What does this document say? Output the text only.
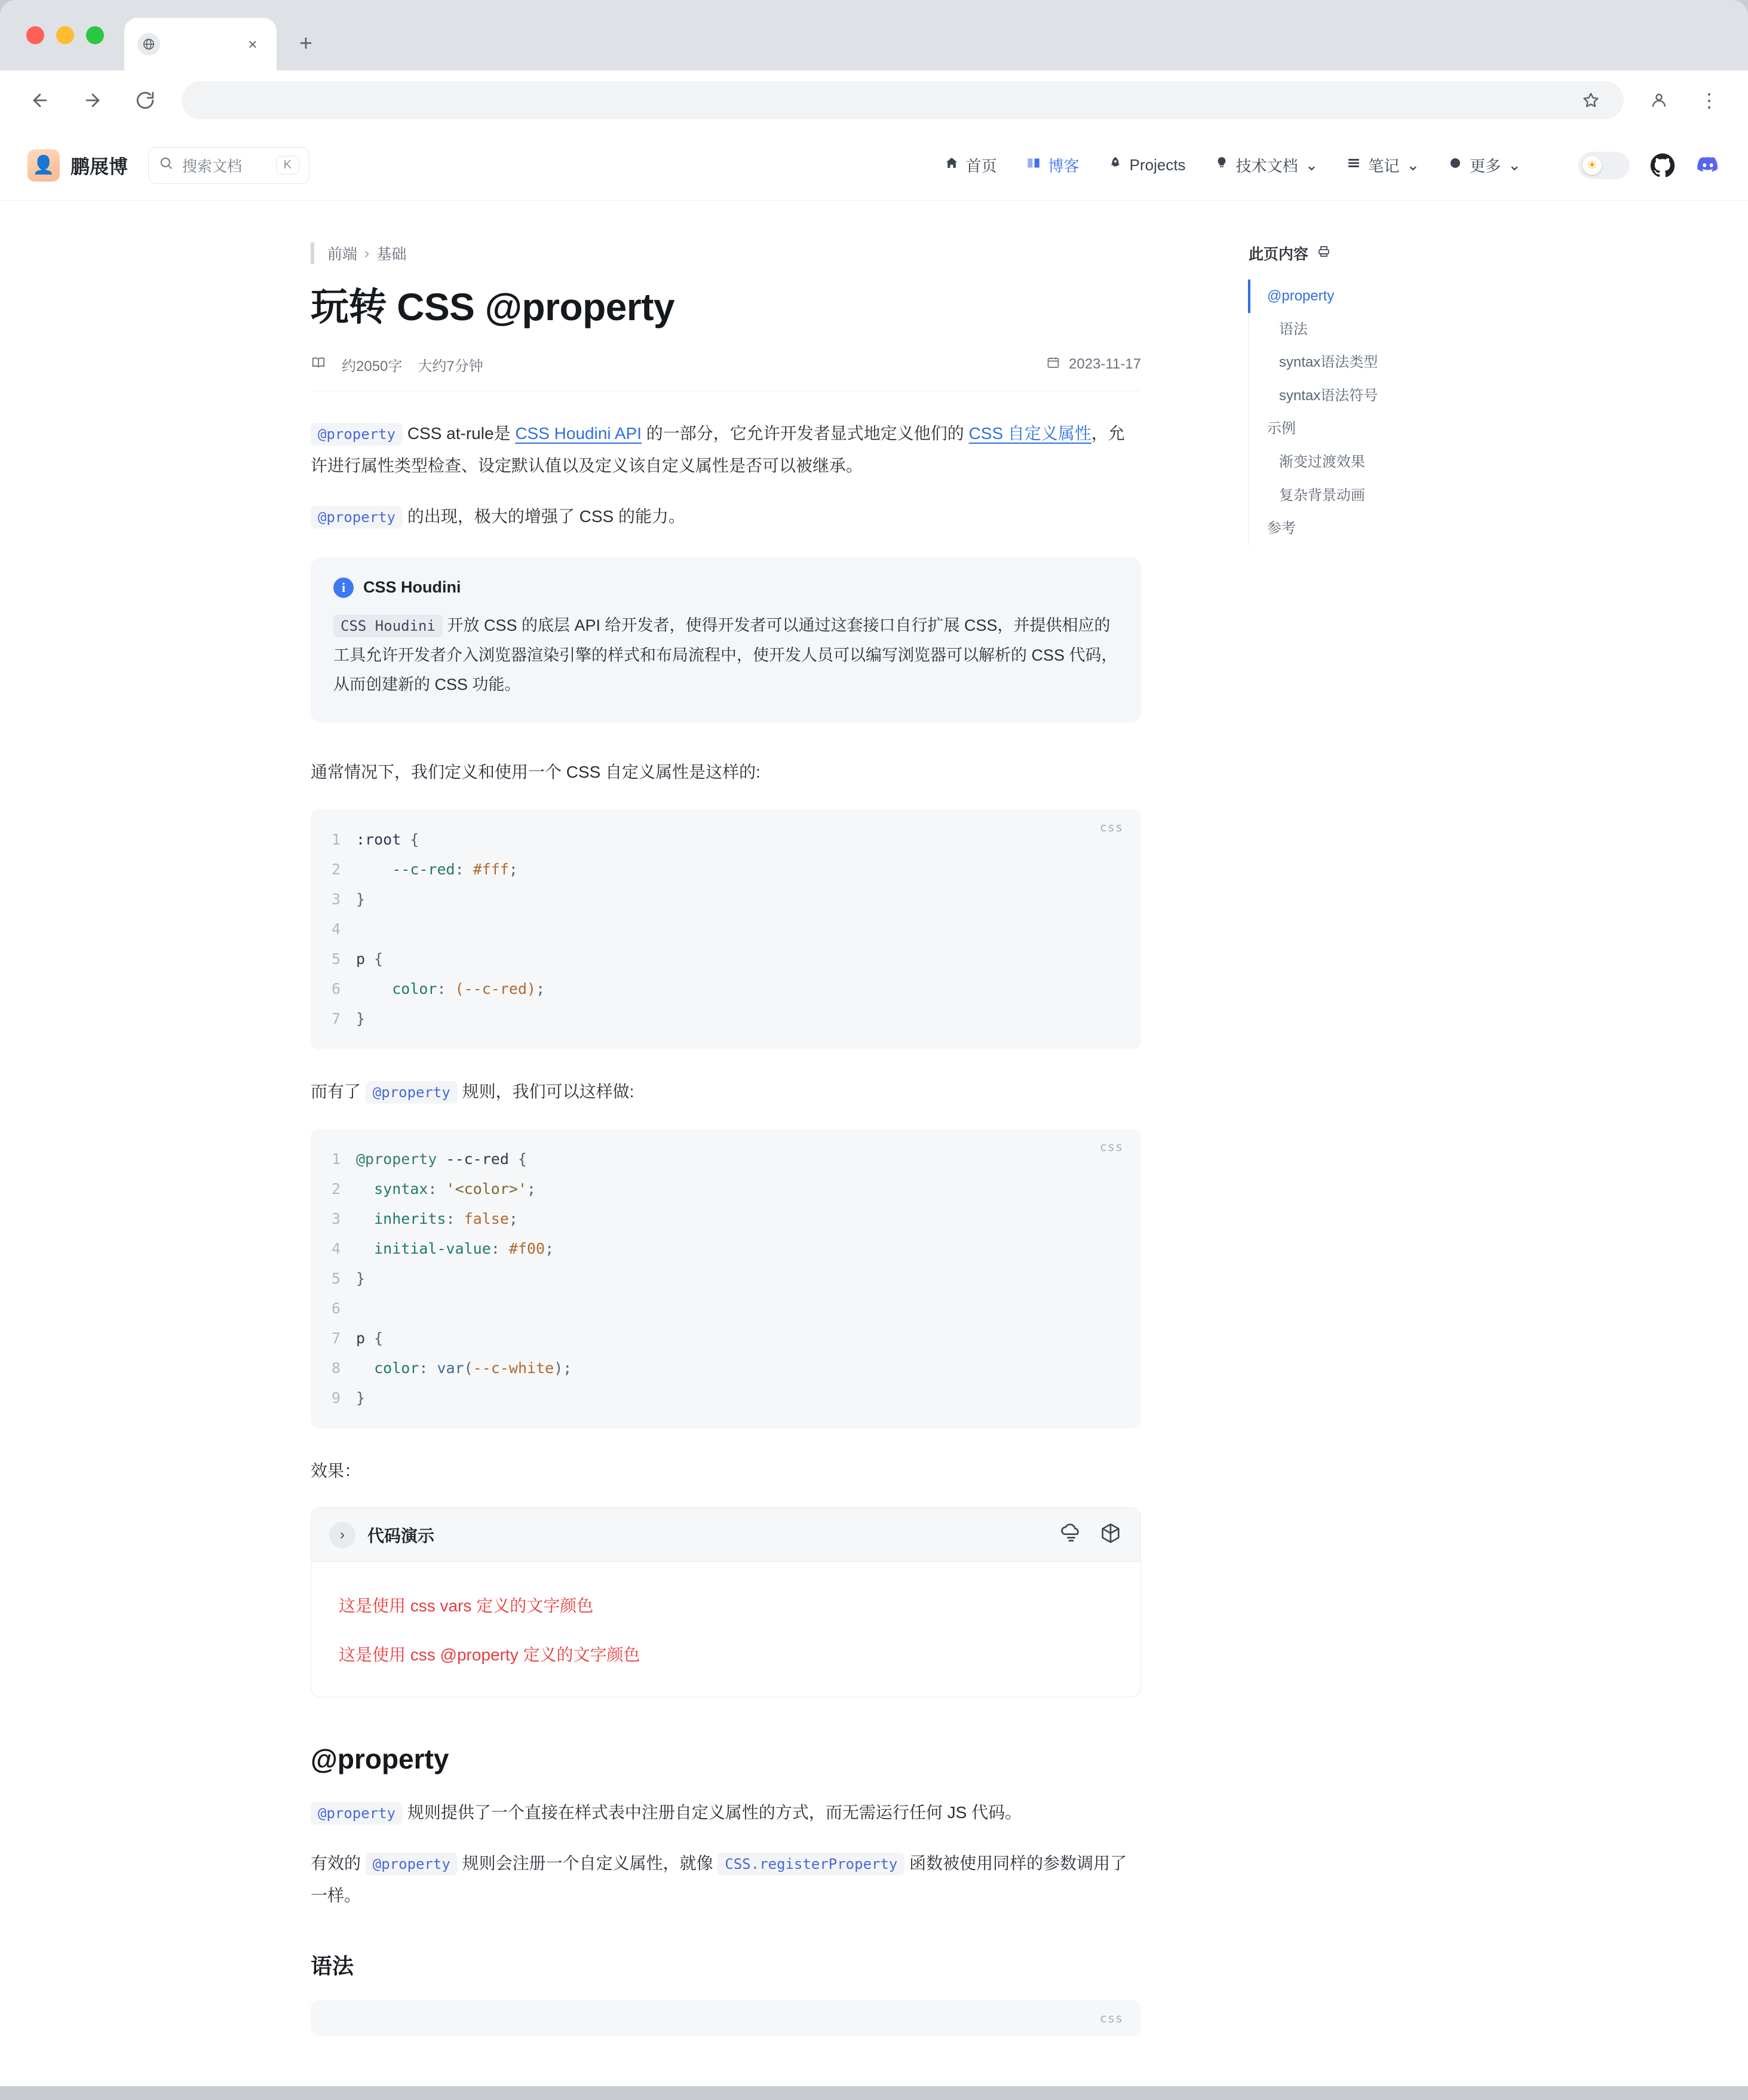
×	+
⋮
👤 鹏展博	搜索文档	K	首页	博客	Projects	技术文档 ⌄	笔记 ⌄	更多 ⌄	☀
前端 › 基础
玩转 CSS @property
约2050字 大约7分钟	2023-11-17

@property CSS at-rule是 CSS Houdini API 的一部分，它允许开发者显式地定义他们的 CSS 自定义属性，允许进行属性类型检查、设定默认值以及定义该自定义属性是否可以被继承。

@property 的出现，极大的增强了 CSS 的能力。

i	CSS Houdini
CSS Houdini 开放 CSS 的底层 API 给开发者，使得开发者可以通过这套接口自行扩展 CSS，并提供相应的工具允许开发者介入浏览器渲染引擎的样式和布局流程中，使开发人员可以编写浏览器可以解析的 CSS 代码，从而创建新的 CSS 功能。

通常情况下，我们定义和使用一个 CSS 自定义属性是这样的:

css
1	:root {
2	--c-red: #fff;
3	}
4

5	p {
6	color: (--c-red);
7	}

而有了 @property 规则，我们可以这样做:

css
1	@property --c-red {
2	syntax: '<color>';
3	inherits: false;
4	initial-value: #f00;
5	}
6

7	p {
8	color: var(--c-white);
9	}

效果：

›	代码演示
这是使用 css vars 定义的文字颜色
这是使用 css @property 定义的文字颜色
@property

@property 规则提供了一个直接在样式表中注册自定义属性的方式，而无需运行任何 JS 代码。

有效的 @property 规则会注册一个自定义属性，就像 CSS.registerProperty 函数被使用同样的参数调用了一样。

语法
css
此页内容
@property
语法
syntax语法类型
syntax语法符号
示例
渐变过渡效果
复杂背景动画
参考
